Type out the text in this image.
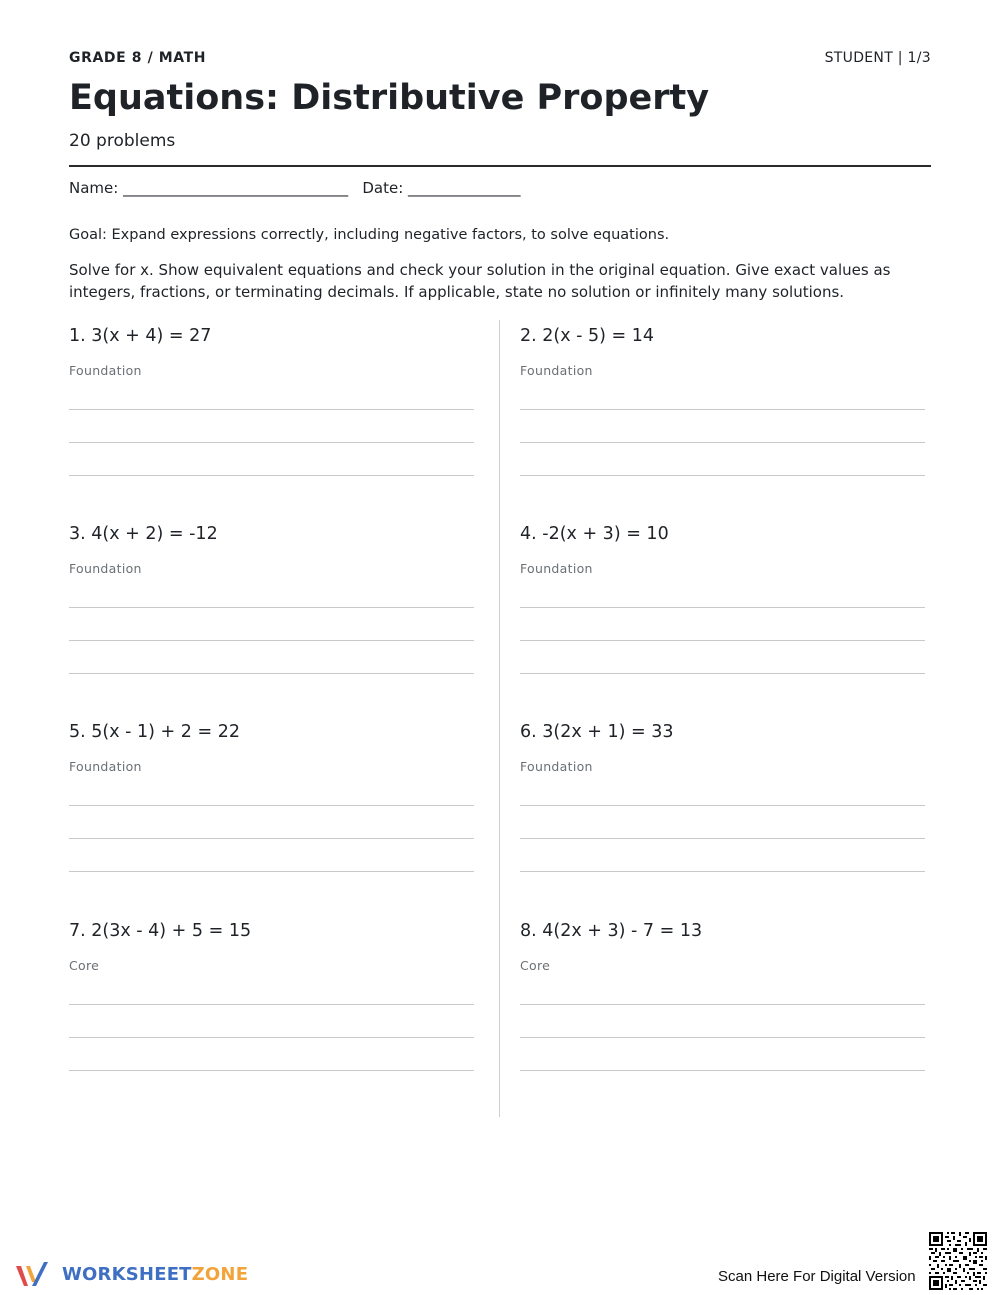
GRADE 8 / MATH	STUDENT | 1/3
Equations: Distributive Property
20 problems
Name: ______________________________   Date: _______________
Goal: Expand expressions correctly, including negative factors, to solve equations.
Solve for x. Show equivalent equations and check your solution in the original equation. Give exact values as integers, fractions, or terminating decimals. If applicable, state no solution or infinitely many solutions.
1. 3(x + 4) = 27
Foundation
2. 2(x - 5) = 14
Foundation
3. 4(x + 2) = -12
Foundation
4. -2(x + 3) = 10
Foundation
5. 5(x - 1) + 2 = 22
Foundation
6. 3(2x + 1) = 33
Foundation
7. 2(3x - 4) + 5 = 15
Core
8. 4(2x + 3) - 7 = 13
Core
WORKSHEETZONE	Scan Here For Digital Version
